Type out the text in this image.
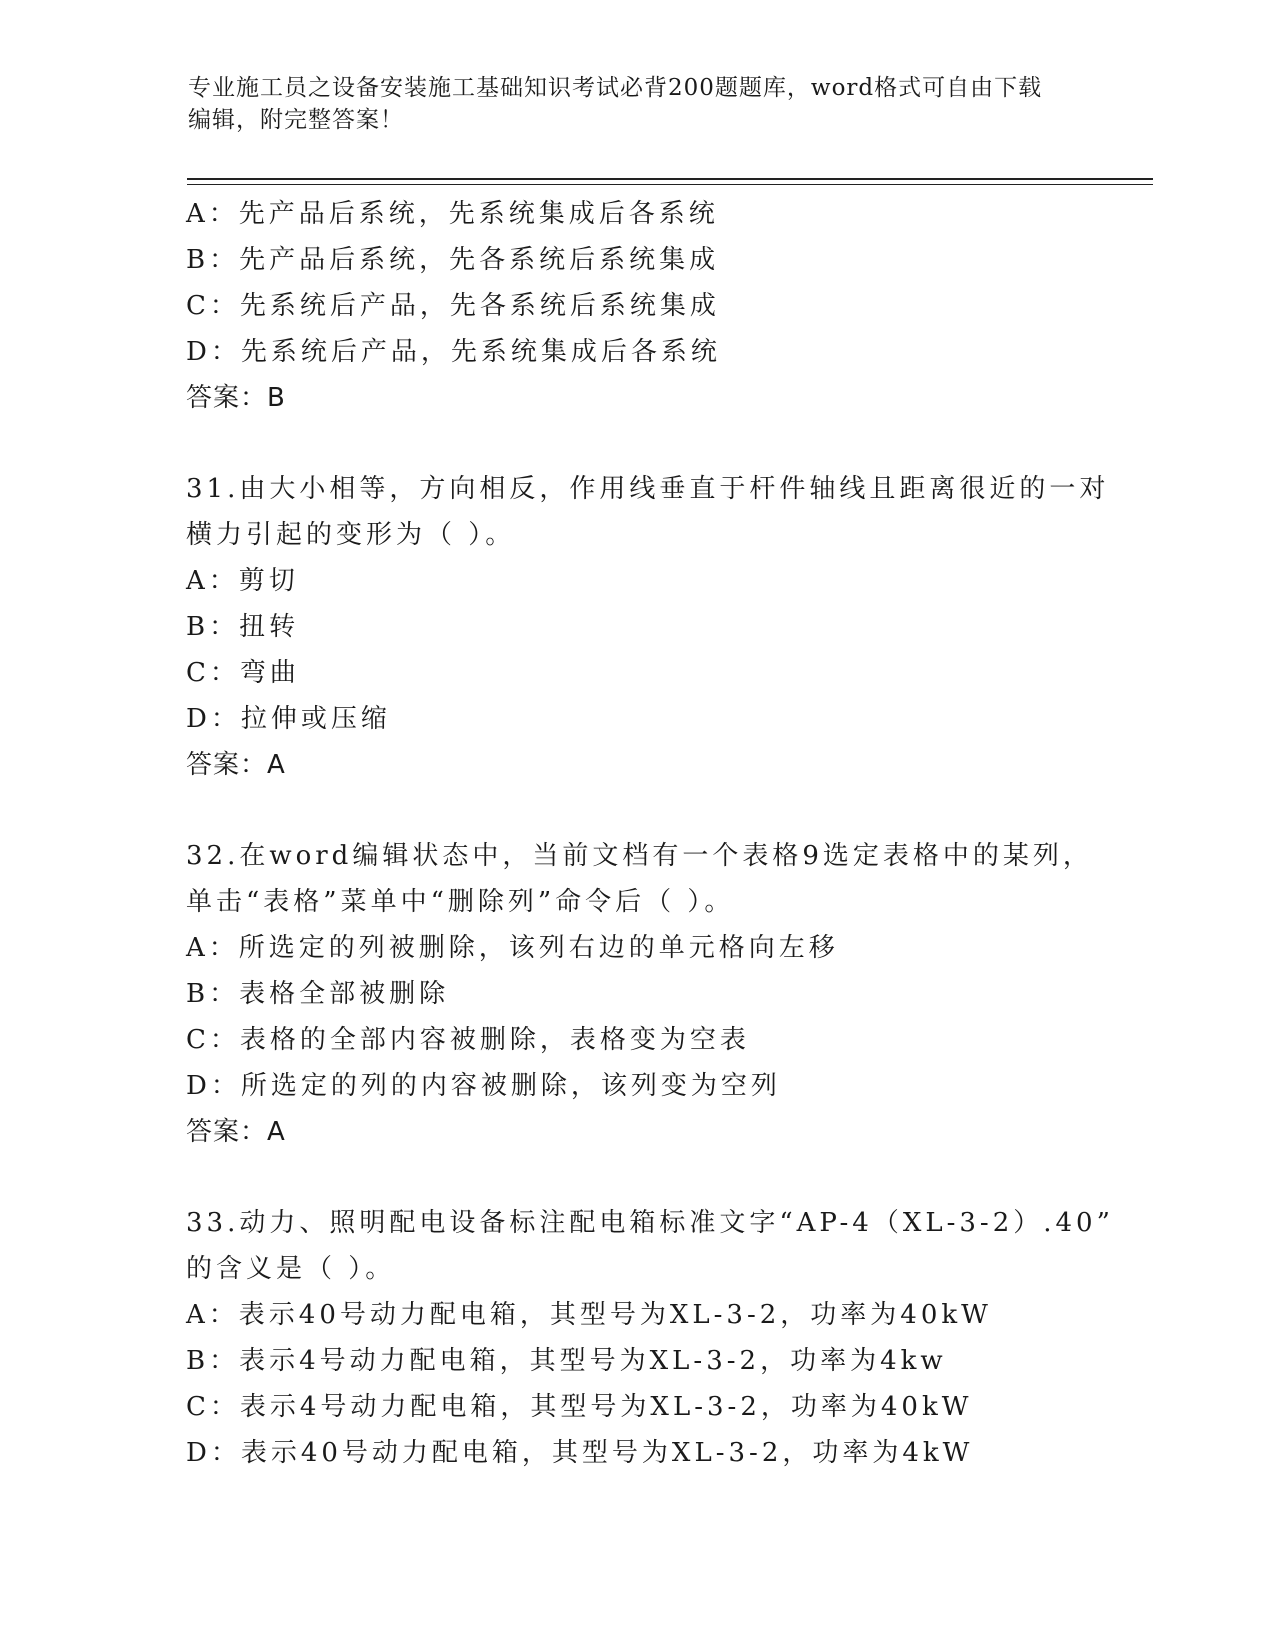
专业施工员之设备安装施工基础知识考试必背200题题库，word格式可自由下载
编辑，附完整答案！
A：先产品后系统，先系统集成后各系统
B：先产品后系统，先各系统后系统集成
C：先系统后产品，先各系统后系统集成
D：先系统后产品，先系统集成后各系统
答案：B
31.由大小相等，方向相反，作用线垂直于杆件轴线且距离很近的一对
横力引起的变形为（ ）。
A：剪切
B：扭转
C：弯曲
D：拉伸或压缩
答案：A
32.在word编辑状态中，当前文档有一个表格9选定表格中的某列，
单击“表格”菜单中“删除列”命令后（ ）。
A：所选定的列被删除，该列右边的单元格向左移
B：表格全部被删除
C：表格的全部内容被删除，表格变为空表
D：所选定的列的内容被删除，该列变为空列
答案：A
33.动力、照明配电设备标注配电箱标准文字“AP-4（XL-3-2）.40”
的含义是（ ）。
A：表示40号动力配电箱，其型号为XL-3-2，功率为40kW
B：表示4号动力配电箱，其型号为XL-3-2，功率为4kw
C：表示4号动力配电箱，其型号为XL-3-2，功率为40kW
D：表示40号动力配电箱，其型号为XL-3-2，功率为4kW
